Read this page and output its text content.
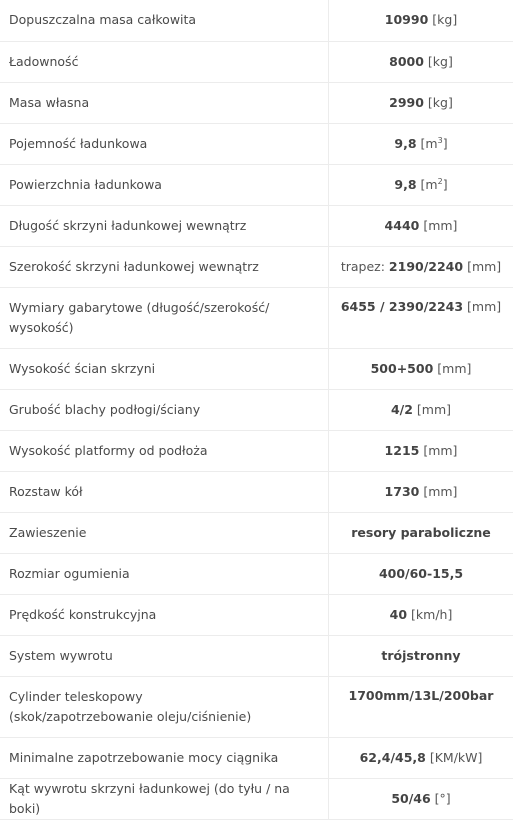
Dopuszczalna masa całkowita	10990 [kg]
Ładowność	8000 [kg]
Masa własna	2990 [kg]
Pojemność ładunkowa	9,8 $[m^3]$
Powierzchnia ładunkowa	9,8 $[m^2]$
Długość skrzyni ładunkowej wewnątrz	4440 [mm]
Szerokość skrzyni ładunkowej wewnątrz	trapez: 2190/2240 [mm]
Wymiary gabarytowe (długość/szerokość/
wysokość)	6455 / 2390/2243 [mm]
Wysokość ścian skrzyni	500+500 [mm]
Grubość blachy podłogi/ściany	4/2 [mm]
Wysokość platformy od podłoża	1215 [mm]
Rozstaw kół	1730 [mm]
Zawieszenie	resory paraboliczne
Rozmiar ogumienia	400/60-15,5
Prędkość konstrukcyjna	40 [km/h]
System wywrotu	trójstronny
Cylinder teleskopowy
(skok/zapotrzebowanie oleju/ciśnienie)	1700mm/13L/200bar
Minimalne zapotrzebowanie mocy ciągnika	62,4/45,8 [KM/kW]
Kąt wywrotu skrzyni ładunkowej (do tyłu / na boki)	50/46 [°]
